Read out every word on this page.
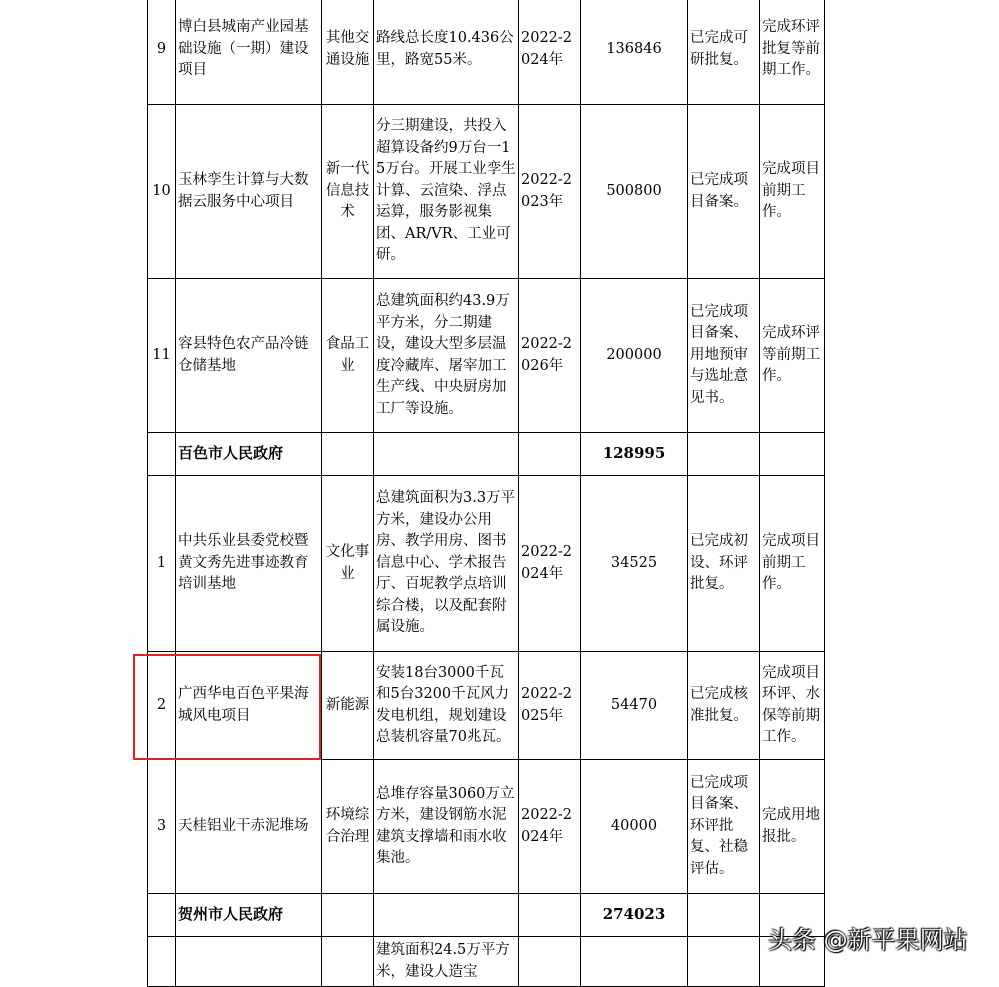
9	博白县城南产业园基础设施（一期）建设项目	其他交通设施	路线总长度10.436公里，路宽55米。	2022-2024年	136846	已完成可研批复。	完成环评批复等前期工作。
10	玉林孪生计算与大数据云服务中心项目	新一代信息技术	分三期建设，共投入超算设备约9万台一15万台。开展工业孪生计算、云渲染、浮点运算，服务影视集团、AR/VR、工业可研。	2022-2023年	500800	已完成项目备案。	完成项目前期工作。
11	容县特色农产品冷链仓储基地	食品工业	总建筑面积约43.9万平方米，分二期建设，建设大型多层温度冷藏库、屠宰加工生产线、中央厨房加工厂等设施。	2022-2026年	200000	已完成项目备案、用地预审与选址意见书。	完成环评等前期工作。
	百色市人民政府				128995		
1	中共乐业县委党校暨黄文秀先进事迹教育培训基地	文化事业	总建筑面积为3.3万平方米，建设办公用房、教学用房、图书信息中心、学术报告厅、百坭教学点培训综合楼，以及配套附属设施。	2022-2024年	34525	已完成初设、环评批复。	完成项目前期工作。
2	广西华电百色平果海城风电项目	新能源	安装18台3000千瓦和5台3200千瓦风力发电机组，规划建设总装机容量70兆瓦。	2022-2025年	54470	已完成核准批复。	完成项目环评、水保等前期工作。
3	天桂铝业干赤泥堆场	环境综合治理	总堆存容量3060万立方米，建设钢筋水泥建筑支撑墙和雨水收集池。	2022-2024年	40000	已完成项目备案、环评批复、社稳评估。	完成用地报批。
	贺州市人民政府				274023		
			建筑面积24.5万平方米，建设人造宝				
头条 @新平果网站
